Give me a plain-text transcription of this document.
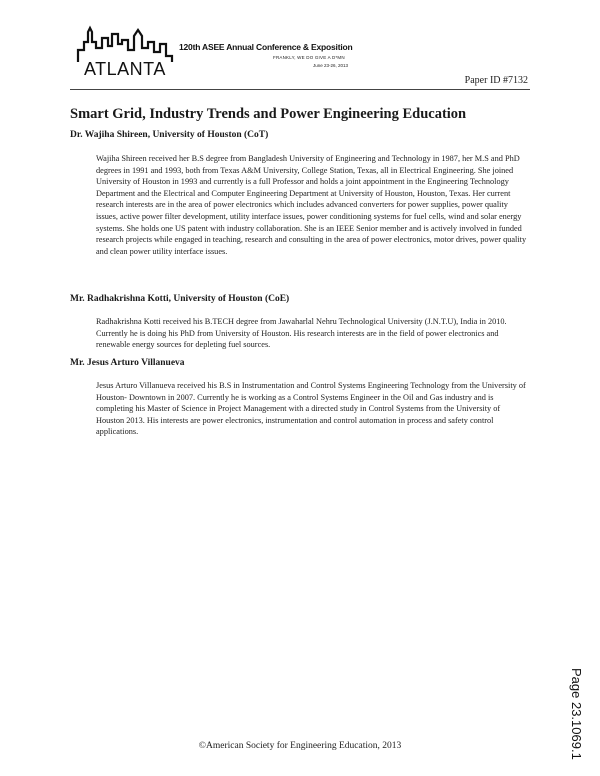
ATLANTA
120th ASEE Annual Conference & Exposition
FRANKLY, WE DO GIVE A D*MN
June 23-26, 2013
Paper ID #7132
Smart Grid, Industry Trends and Power Engineering Education

Dr. Wajiha Shireen, University of Houston (CoT)

Wajiha Shireen received her B.S degree from Bangladesh University of Engineering and Technology in 1987, her M.S and PhD degrees in 1991 and 1993, both from Texas A&M University, College Station, Texas, all in Electrical Engineering. She joined University of Houston in 1993 and currently is a full Professor and holds a joint appointment in the Engineering Technology Department and the Electrical and Computer Engineering Department at University of Houston, Houston, Texas. Her current research interests are in the area of power electronics which includes advanced converters for power supplies, power quality issues, active power filter development, utility interface issues, power conditioning systems for fuel cells, wind and solar energy systems. She holds one US patent with industry collaboration. She is an IEEE Senior member and is actively involved in funded research projects while engaged in teaching, research and consulting in the area of power electronics, motor drives, power quality and clean power utility interface issues.

Mr. Radhakrishna Kotti, University of Houston (CoE)

Radhakrishna Kotti received his B.TECH degree from Jawaharlal Nehru Technological University (J.N.T.U), India in 2010. Currently he is doing his PhD from University of Houston. His research interests are in the field of power electronics and renewable energy sources for depleting fuel sources.

Mr. Jesus Arturo Villanueva

Jesus Arturo Villanueva received his B.S in Instrumentation and Control Systems Engineering Technology from the University of Houston- Downtown in 2007. Currently he is working as a Control Systems Engineer in the Oil and Gas industry and is completing his Master of Science in Project Management with a directed study in Control Systems from the University of Houston 2013. His interests are power electronics, instrumentation and control automation in process and safety control applications.

Page 23.1069.1
©American Society for Engineering Education, 2013
